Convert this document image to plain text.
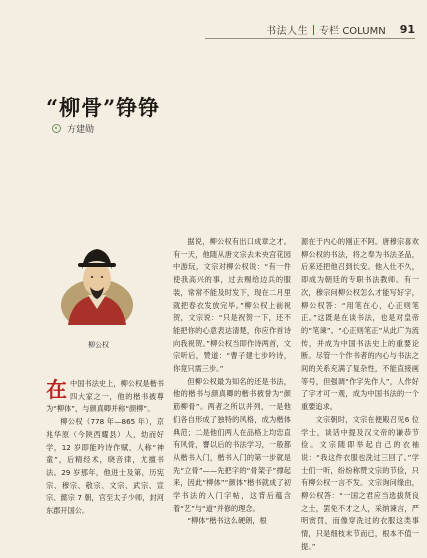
书法人生 专栏 COLUMN 91
“柳骨”铮铮
方建勋
柳公权

在中国书法史上，柳公权是楷书四大家之一，他的楷书被尊为“柳体”，与颜真卿并称“颜柳”。

柳公权（778 年—865 年），京兆华原（今陕西耀县）人，幼而好学，12 岁即能吟诗作赋，人称“神童”，后精经术，晓音律，尤擅书法。29 岁那年，他进士及第，历宪宗、穆宗、敬宗、文宗、武宗、宣宗、懿宗 7 朝，官至太子少师，封河东郡开国公。

据说，柳公权有出口成章之才。有一天，他随从唐文宗去未央宫花园中游玩，文宗对柳公权说：“有一件使我高兴的事，过去赐给边兵的服装，常常不能及时发下，现在二月里就把春衣发放完毕。”柳公权上前祝贺，文宗说：“只是祝贺一下，还不能把你的心意表达清楚，你应作首诗向我祝贺。”柳公权当即作诗两首，文宗听后，赞道：“曹子建七步吟诗，你竟只需三步。”

但柳公权最为知名的还是书法，他的楷书与颜真卿的楷书被誉为“颜筋柳骨”。两者之所以并列，一是他们各自形成了独特的风格，成为楷体典范；二是他们两人在品格上均忠直有风骨，謇以后的书法学习，一般都从楷书入门，楷书入门的第一步就是先“立骨”——先把字的“骨架子”撑起来，因此“柳体”“颜体”楷书就成了初学书法的入门字帖，这背后蕴含着“艺”与“道”并修的理念。

“柳体”楷书这么硬朗，根

源在于内心的刚正不阿。唐穆宗喜欢柳公权的书法，将之奉为书法圣品，后来还把他召到长安。他入仕不久，即成为朝廷的专职书法教师。有一次，穆宗问柳公权怎么才能写好字，柳公权答：“用笔在心，心正则笔正。”这既是在谈书法，也是对皇帝的“笔谏”。“心正则笔正”从此广为流传，并成为中国书法史上的重要论断。尽管一个作书者的内心与书法之间的关系充满了复杂性，不能直接画等号，但强调“作字先作人”，人作好了字才可一观，成为中国书法的一个重要追求。

文宗朝时，文宗在便殿召见6 位学士，谈话中提及汉文帝的谦恭节俭。文宗随即举起自己的衣袖说：“我这件衣服也洗过三回了。”学士们一听，纷纷称赞文宗的节俭，只有柳公权一言不发。文宗询问缘由，柳公权答：“一国之君应当选拔贤良之士，罢免不才之人，采纳谏言，严明赏罚，而像穿洗过的衣服这类事情，只是细枝末节而已，根本不值一提。”
